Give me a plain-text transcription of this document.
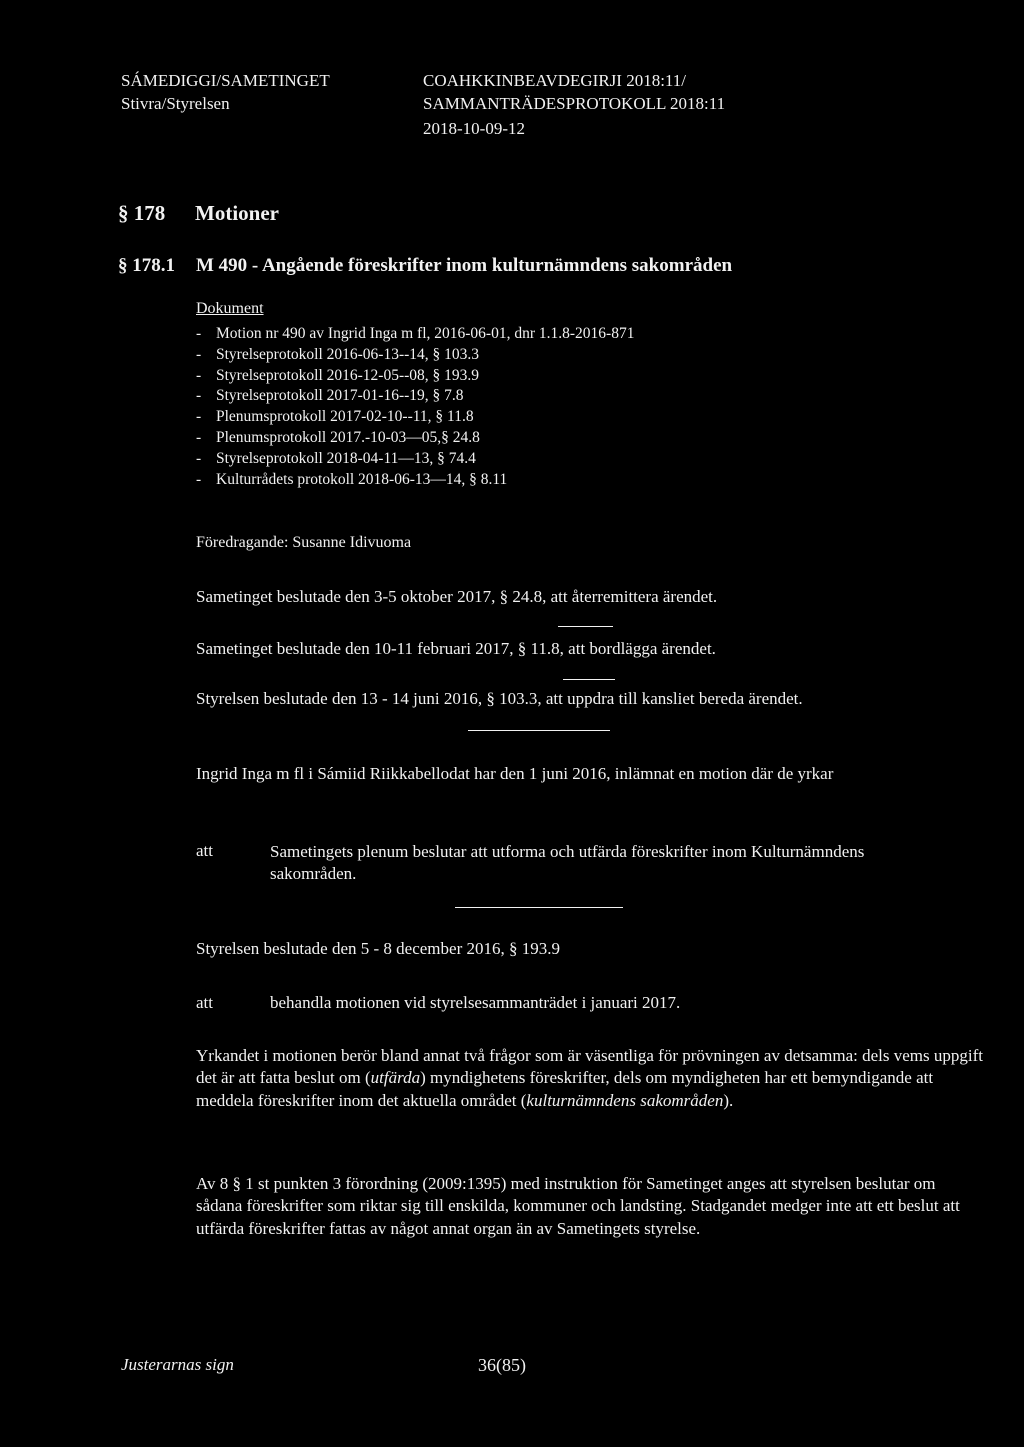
SÁMEDIGGI/SAMETINGET
Stivra/Styrelsen
COAHKKINBEAVDEGIRJI 2018:11/
SAMMANTRÄDESPROTOKOLL 2018:11
2018-10-09-12
§ 178 Motioner
§ 178.1 M 490 - Angående föreskrifter inom kulturnämndens sakområden
Dokument
- Motion nr 490 av Ingrid Inga m fl, 2016-06-01, dnr 1.1.8-2016-871
- Styrelseprotokoll 2016-06-13--14, § 103.3
- Styrelseprotokoll 2016-12-05--08, § 193.9
- Styrelseprotokoll 2017-01-16--19, § 7.8
- Plenumsprotokoll 2017-02-10--11, § 11.8
- Plenumsprotokoll 2017.-10-03—05,§ 24.8
- Styrelseprotokoll 2018-04-11—13, § 74.4
- Kulturrådets protokoll 2018-06-13—14, § 8.11
Föredragande: Susanne Idivuoma
Sametinget beslutade den 3-5 oktober 2017, § 24.8, att återremittera ärendet.
Sametinget beslutade den 10-11 februari 2017, § 11.8, att bordlägga ärendet.
Styrelsen beslutade den 13 - 14 juni 2016, § 103.3, att uppdra till kansliet bereda ärendet.
Ingrid Inga m fl i Sámiid Riikkabellodat har den 1 juni 2016, inlämnat en motion där de yrkar
att	Sametingets plenum beslutar att utforma och utfärda föreskrifter inom Kulturnämndens sakområden.
Styrelsen beslutade den 5 - 8 december 2016, § 193.9
att	behandla motionen vid styrelsesammanträdet i januari 2017.
Yrkandet i motionen berör bland annat två frågor som är väsentliga för prövningen av detsamma: dels vems uppgift det är att fatta beslut om (utfärda) myndighetens föreskrifter, dels om myndigheten har ett bemyndigande att meddela föreskrifter inom det aktuella området (kulturnämndens sakområden).
Av 8 § 1 st punkten 3 förordning (2009:1395) med instruktion för Sametinget anges att styrelsen beslutar om sådana föreskrifter som riktar sig till enskilda, kommuner och landsting. Stadgandet medger inte att ett beslut att utfärda föreskrifter fattas av något annat organ än av Sametingets styrelse.
Justerarnas sign	36(85)
